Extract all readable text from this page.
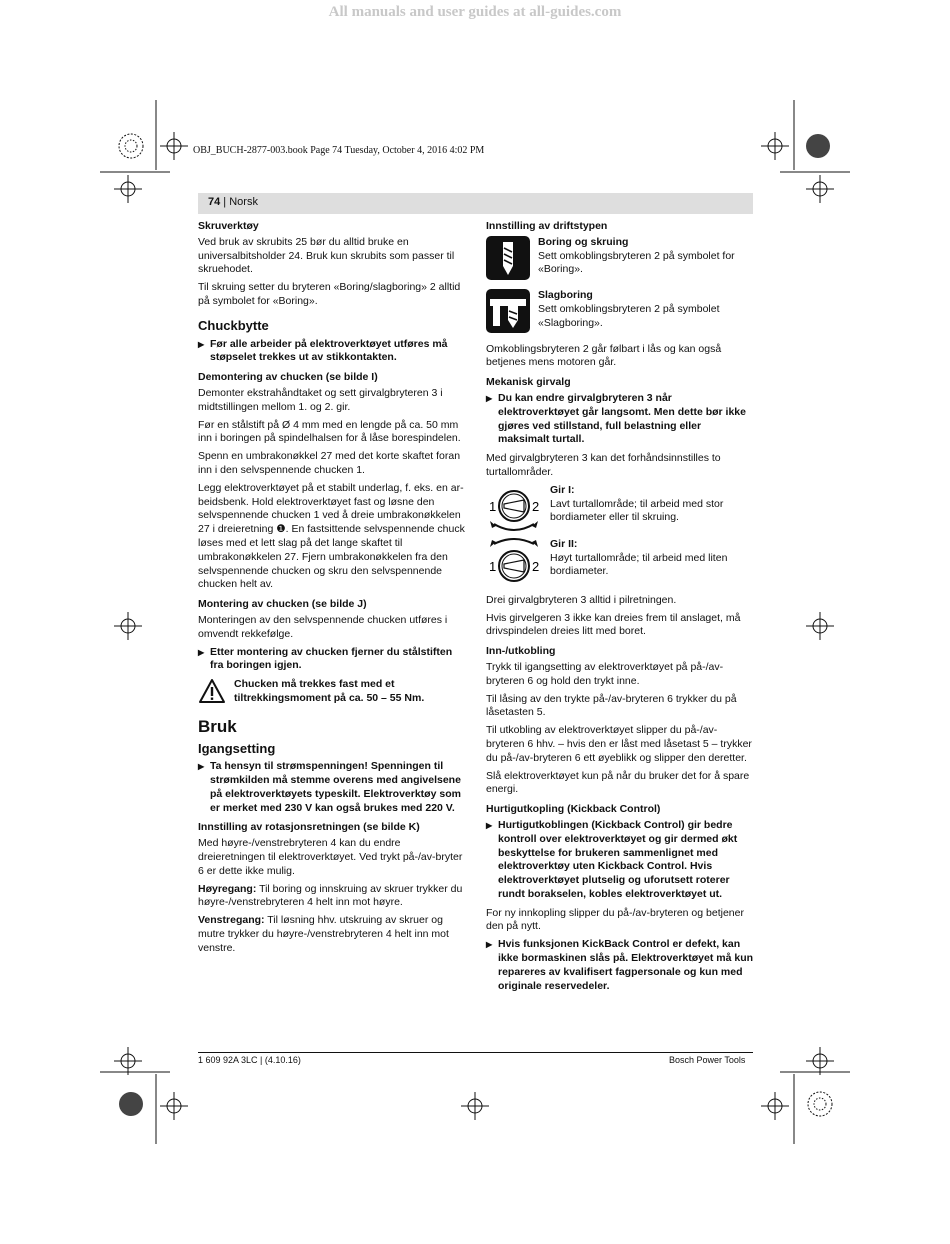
All manuals and user guides at all-guides.com
OBJ_BUCH-2877-003.book Page 74 Tuesday, October 4, 2016 4:02 PM
74 | Norsk
Skruverktøy

Ved bruk av skrubits 25 bør du alltid bruke en universalbitsholder 24. Bruk kun skrubits som passer til skruehodet.

Til skruing setter du bryteren «Boring/slagboring» 2 alltid på symbolet for «Boring».

Chuckbytte
▶ Før alle arbeider på elektroverktøyet utføres må støpselet trekkes ut av stikkontakten.
Demontering av chucken (se bilde I)

Demonter ekstrahåndtaket og sett girvalgbryteren 3 i midtstillingen mellom 1. og 2. gir.

Før en stålstift på Ø 4 mm med en lengde på ca. 50 mm inn i boringen på spindelhalsen for å låse borespindelen.

Spenn en umbrakonøkkel 27 med det korte skaftet foran inn i den selvspennende chucken 1.

Legg elektroverktøyet på et stabilt underlag, f. eks. en arbeidsbenk. Hold elektroverktøyet fast og løsne den selvspennende chucken 1 ved å dreie umbrakonøkkelen 27 i dreieretning ❶. En fastsittende selvspennende chuck løses med et lett slag på det lange skaftet til umbrakonøkkelen 27. Fjern umbrakonøkkelen fra den selvspennende chucken og skru den selvspennende chucken helt av.

Montering av chucken (se bilde J)

Monteringen av den selvspennende chucken utføres i omvendt rekkefølge.

▶ Etter montering av chucken fjerner du stålstiften fra boringen igjen.
Chucken må trekkes fast med et tiltrekkingsmoment på ca. 50 – 55 Nm.
Bruk
Igangsetting
▶ Ta hensyn til strømspenningen! Spenningen til strømkilden må stemme overens med angivelsene på elektroverktøyets typeskilt. Elektroverktøy som er merket med 230 V kan også brukes med 220 V.
Innstilling av rotasjonsretningen (se bilde K)

Med høyre-/venstrebryteren 4 kan du endre dreieretningen til elektroverktøyet. Ved trykt på-/av-bryter 6 er dette ikke mulig.

Høyregang: Til boring og innskruing av skruer trykker du høyre-/venstrebryteren 4 helt inn mot høyre.

Venstregang: Til løsning hhv. utskruing av skruer og mutre trykker du høyre-/venstrebryteren 4 helt inn mot venstre.

Innstilling av driftstypen
Boring og skruing

Sett omkoblingsbryteren 2 på symbolet for «Boring».

Slagboring

Sett omkoblingsbryteren 2 på symbolet «Slagboring».

Omkoblingsbryteren 2 går følbart i lås og kan også betjenes mens motoren går.

Mekanisk girvalg
▶ Du kan endre girvalgbryteren 3 når elektroverktøyet går langsomt. Men dette bør ikke gjøres ved stillstand, full belastning eller maksimalt turtall.

Med girvalgbryteren 3 kan det forhåndsinnstilles to turtallområder.

1	2
Gir I:

Lavt turtallområde; til arbeid med stor bordiameter eller til skruing.

1	2
Gir II:

Høyt turtallområde; til arbeid med liten bordiameter.

Drei girvalgbryteren 3 alltid i pilretningen.

Hvis girvelgeren 3 ikke kan dreies frem til anslaget, må drivspindelen dreies litt med boret.

Inn-/utkobling

Trykk til igangsetting av elektroverktøyet på på-/av-bryteren 6 og hold den trykt inne.

Til låsing av den trykte på-/av-bryteren 6 trykker du på låsetasten 5.

Til utkobling av elektroverktøyet slipper du på-/av-bryteren 6 hhv. – hvis den er låst med låsetast 5 – trykker du på-/av-bryteren 6 ett øyeblikk og slipper den deretter.

Slå elektroverktøyet kun på når du bruker det for å spare energi.

Hurtigutkopling (Kickback Control)
▶ Hurtigutkoblingen (Kickback Control) gir bedre kontroll over elektroverktøyet og gir dermed økt beskyttelse for brukeren sammenlignet med elektroverktøy uten Kickback Control. Hvis elektroverktøyet plutselig og uforutsett roterer rundt borakselen, kobles elektroverktøyet ut.

For ny innkopling slipper du på-/av-bryteren og betjener den på nytt.

▶ Hvis funksjonen KickBack Control er defekt, kan ikke bormaskinen slås på. Elektroverktøyet må kun repareres av kvalifisert fagpersonale og kun med originale reservedeler.
1 609 92A 3LC | (4.10.16)	Bosch Power Tools
